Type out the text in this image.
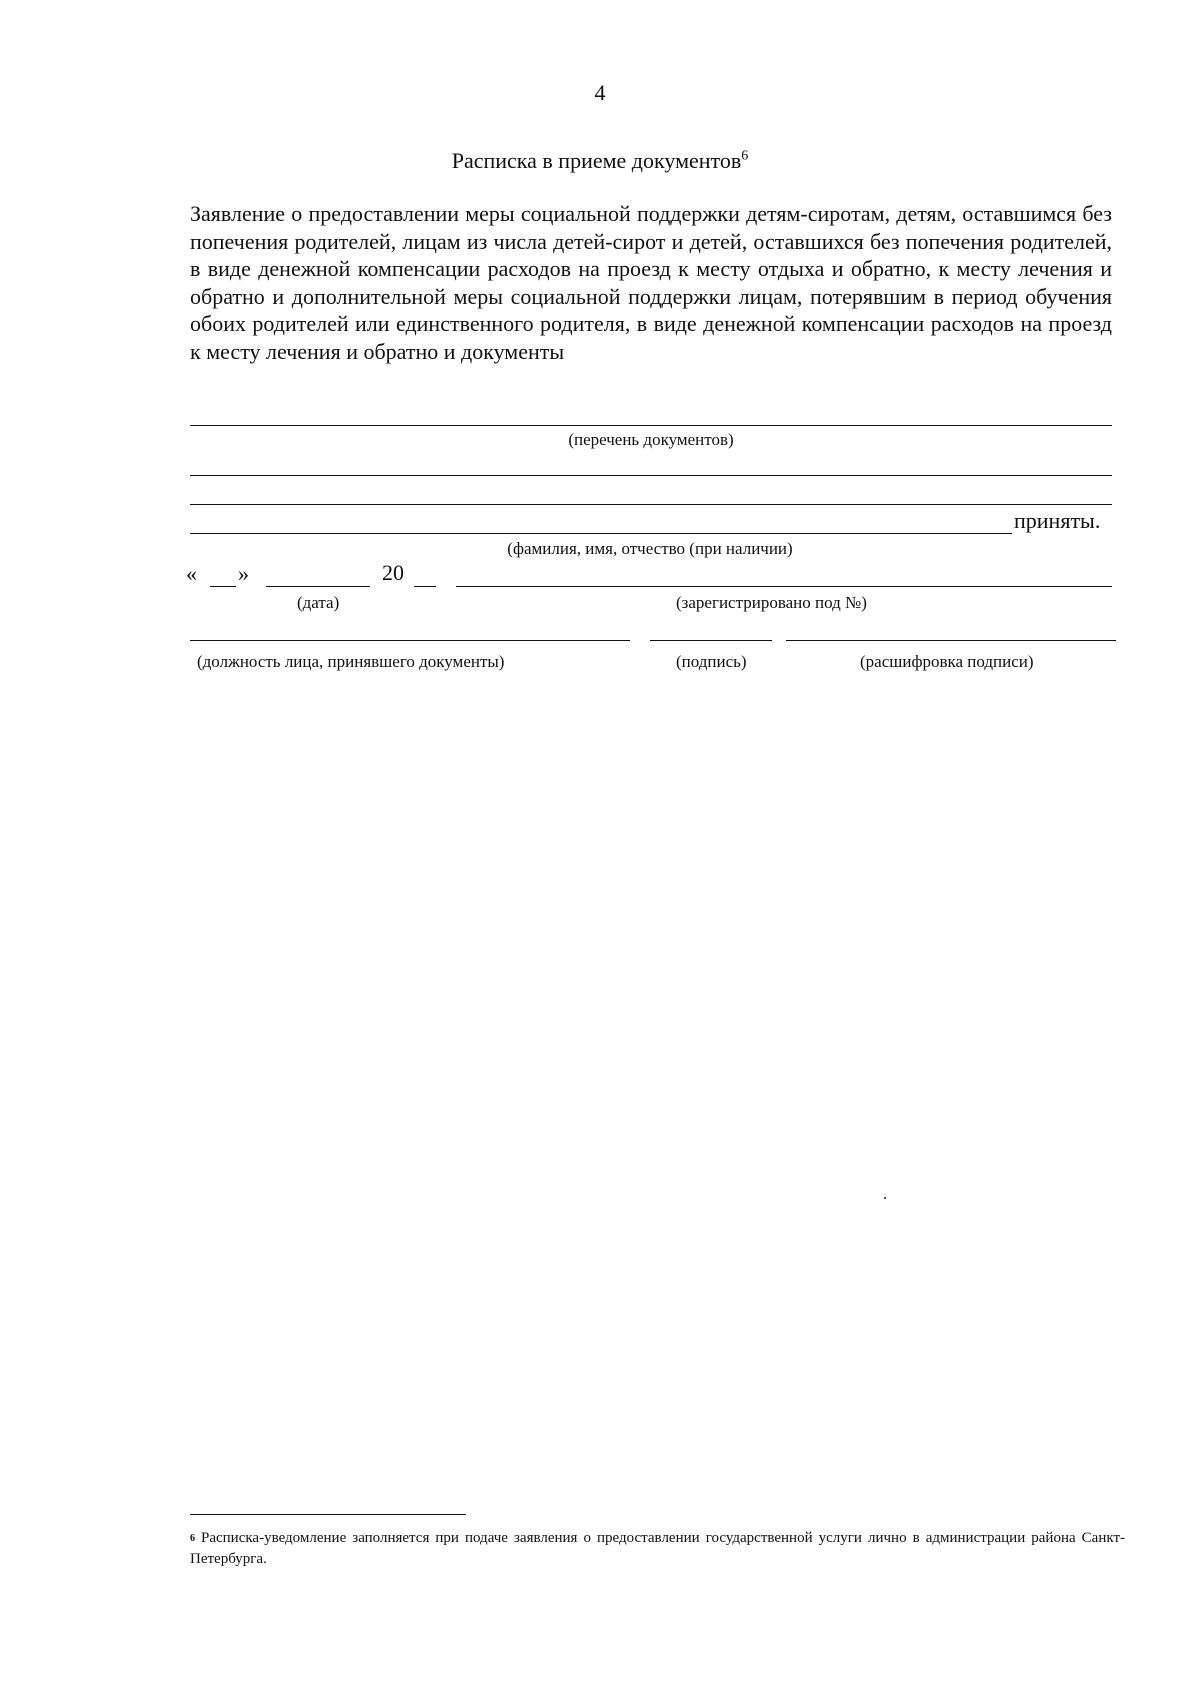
4
Расписка в приеме документов$^6$

Заявление о предоставлении меры социальной поддержки детям-сиротам, детям, оставшимся без попечения родителей, лицам из числа детей-сирот и детей, оставшихся без попечения родителей, в виде денежной компенсации расходов на проезд к месту отдыха и обратно, к месту лечения и обратно и дополнительной меры социальной поддержки лицам, потерявшим в период обучения обоих родителей или единственного родителя, в виде денежной компенсации расходов на проезд к месту лечения и обратно и документы

(перечень документов)
приняты.
(фамилия, имя, отчество (при наличии)
« »	20
(дата)	(зарегистрировано под №)
(должность лица, принявшего документы)	(подпись)	(расшифровка подписи)

$^6$ Расписка-уведомление заполняется при подаче заявления о предоставлении государственной услуги лично в администрации района Санкт-Петербурга.
